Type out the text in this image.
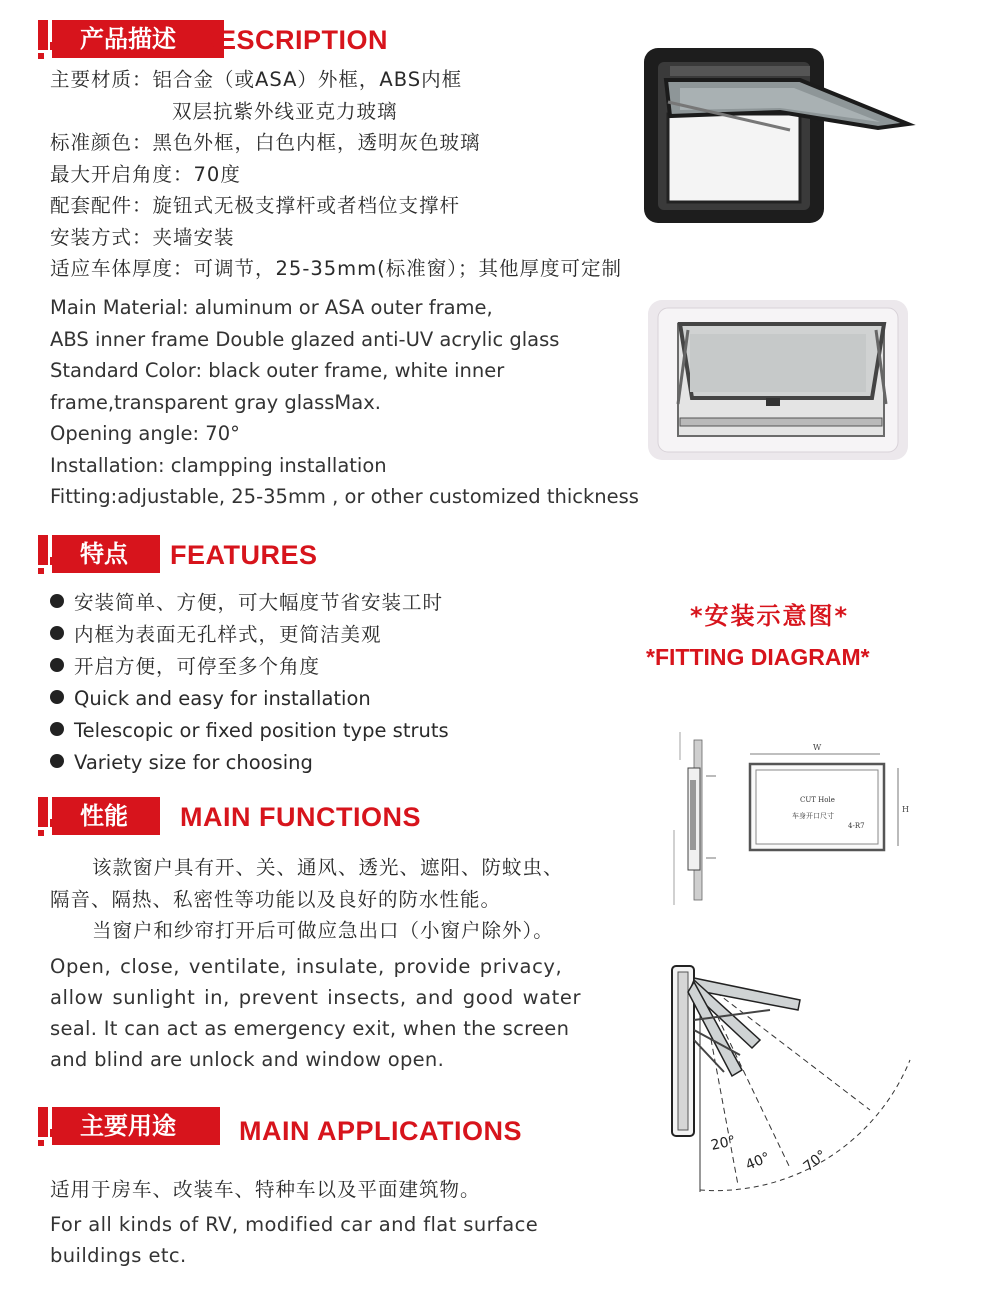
产品描述 DESCRIPTION
主要材质：铝合金（或ASA）外框，ABS内框
双层抗紫外线亚克力玻璃
标准颜色：黑色外框，白色内框，透明灰色玻璃
最大开启角度：70度
配套配件：旋钮式无极支撑杆或者档位支撑杆
安装方式：夹墙安装
适应车体厚度：可调节，25-35mm(标准窗）；其他厚度可定制
Main Material: aluminum or ASA outer frame,
ABS inner frame Double glazed anti-UV acrylic glass
Standard Color: black outer frame, white inner
frame,transparent gray glassMax.
Opening angle: 70°
Installation: clampping installation
Fitting:adjustable, 25-35mm , or other customized thickness
特点	FEATURES
安装简单、方便，可大幅度节省安装工时
内框为表面无孔样式，更简洁美观
开启方便，可停至多个角度
Quick and easy for installation
Telescopic or fixed position type struts
Variety size for choosing
*安装示意图*
*FITTING DIAGRAM*
W
H
CUT Hole
车身开口尺寸
4-R7
性能	MAIN FUNCTIONS
该款窗户具有开、关、通风、透光、遮阳、防蚊虫、
隔音、隔热、私密性等功能以及良好的防水性能。
当窗户和纱帘打开后可做应急出口（小窗户除外）。
Open, close, ventilate, insulate, provide privacy,
allow sunlight in, prevent insects, and good water
seal. It can act as emergency exit, when the screen
and blind are unlock and window open.
20°
40° 70°
主要用途	MAIN APPLICATIONS
适用于房车、改装车、特种车以及平面建筑物。
For all kinds of RV, modified car and flat surface
buildings etc.
